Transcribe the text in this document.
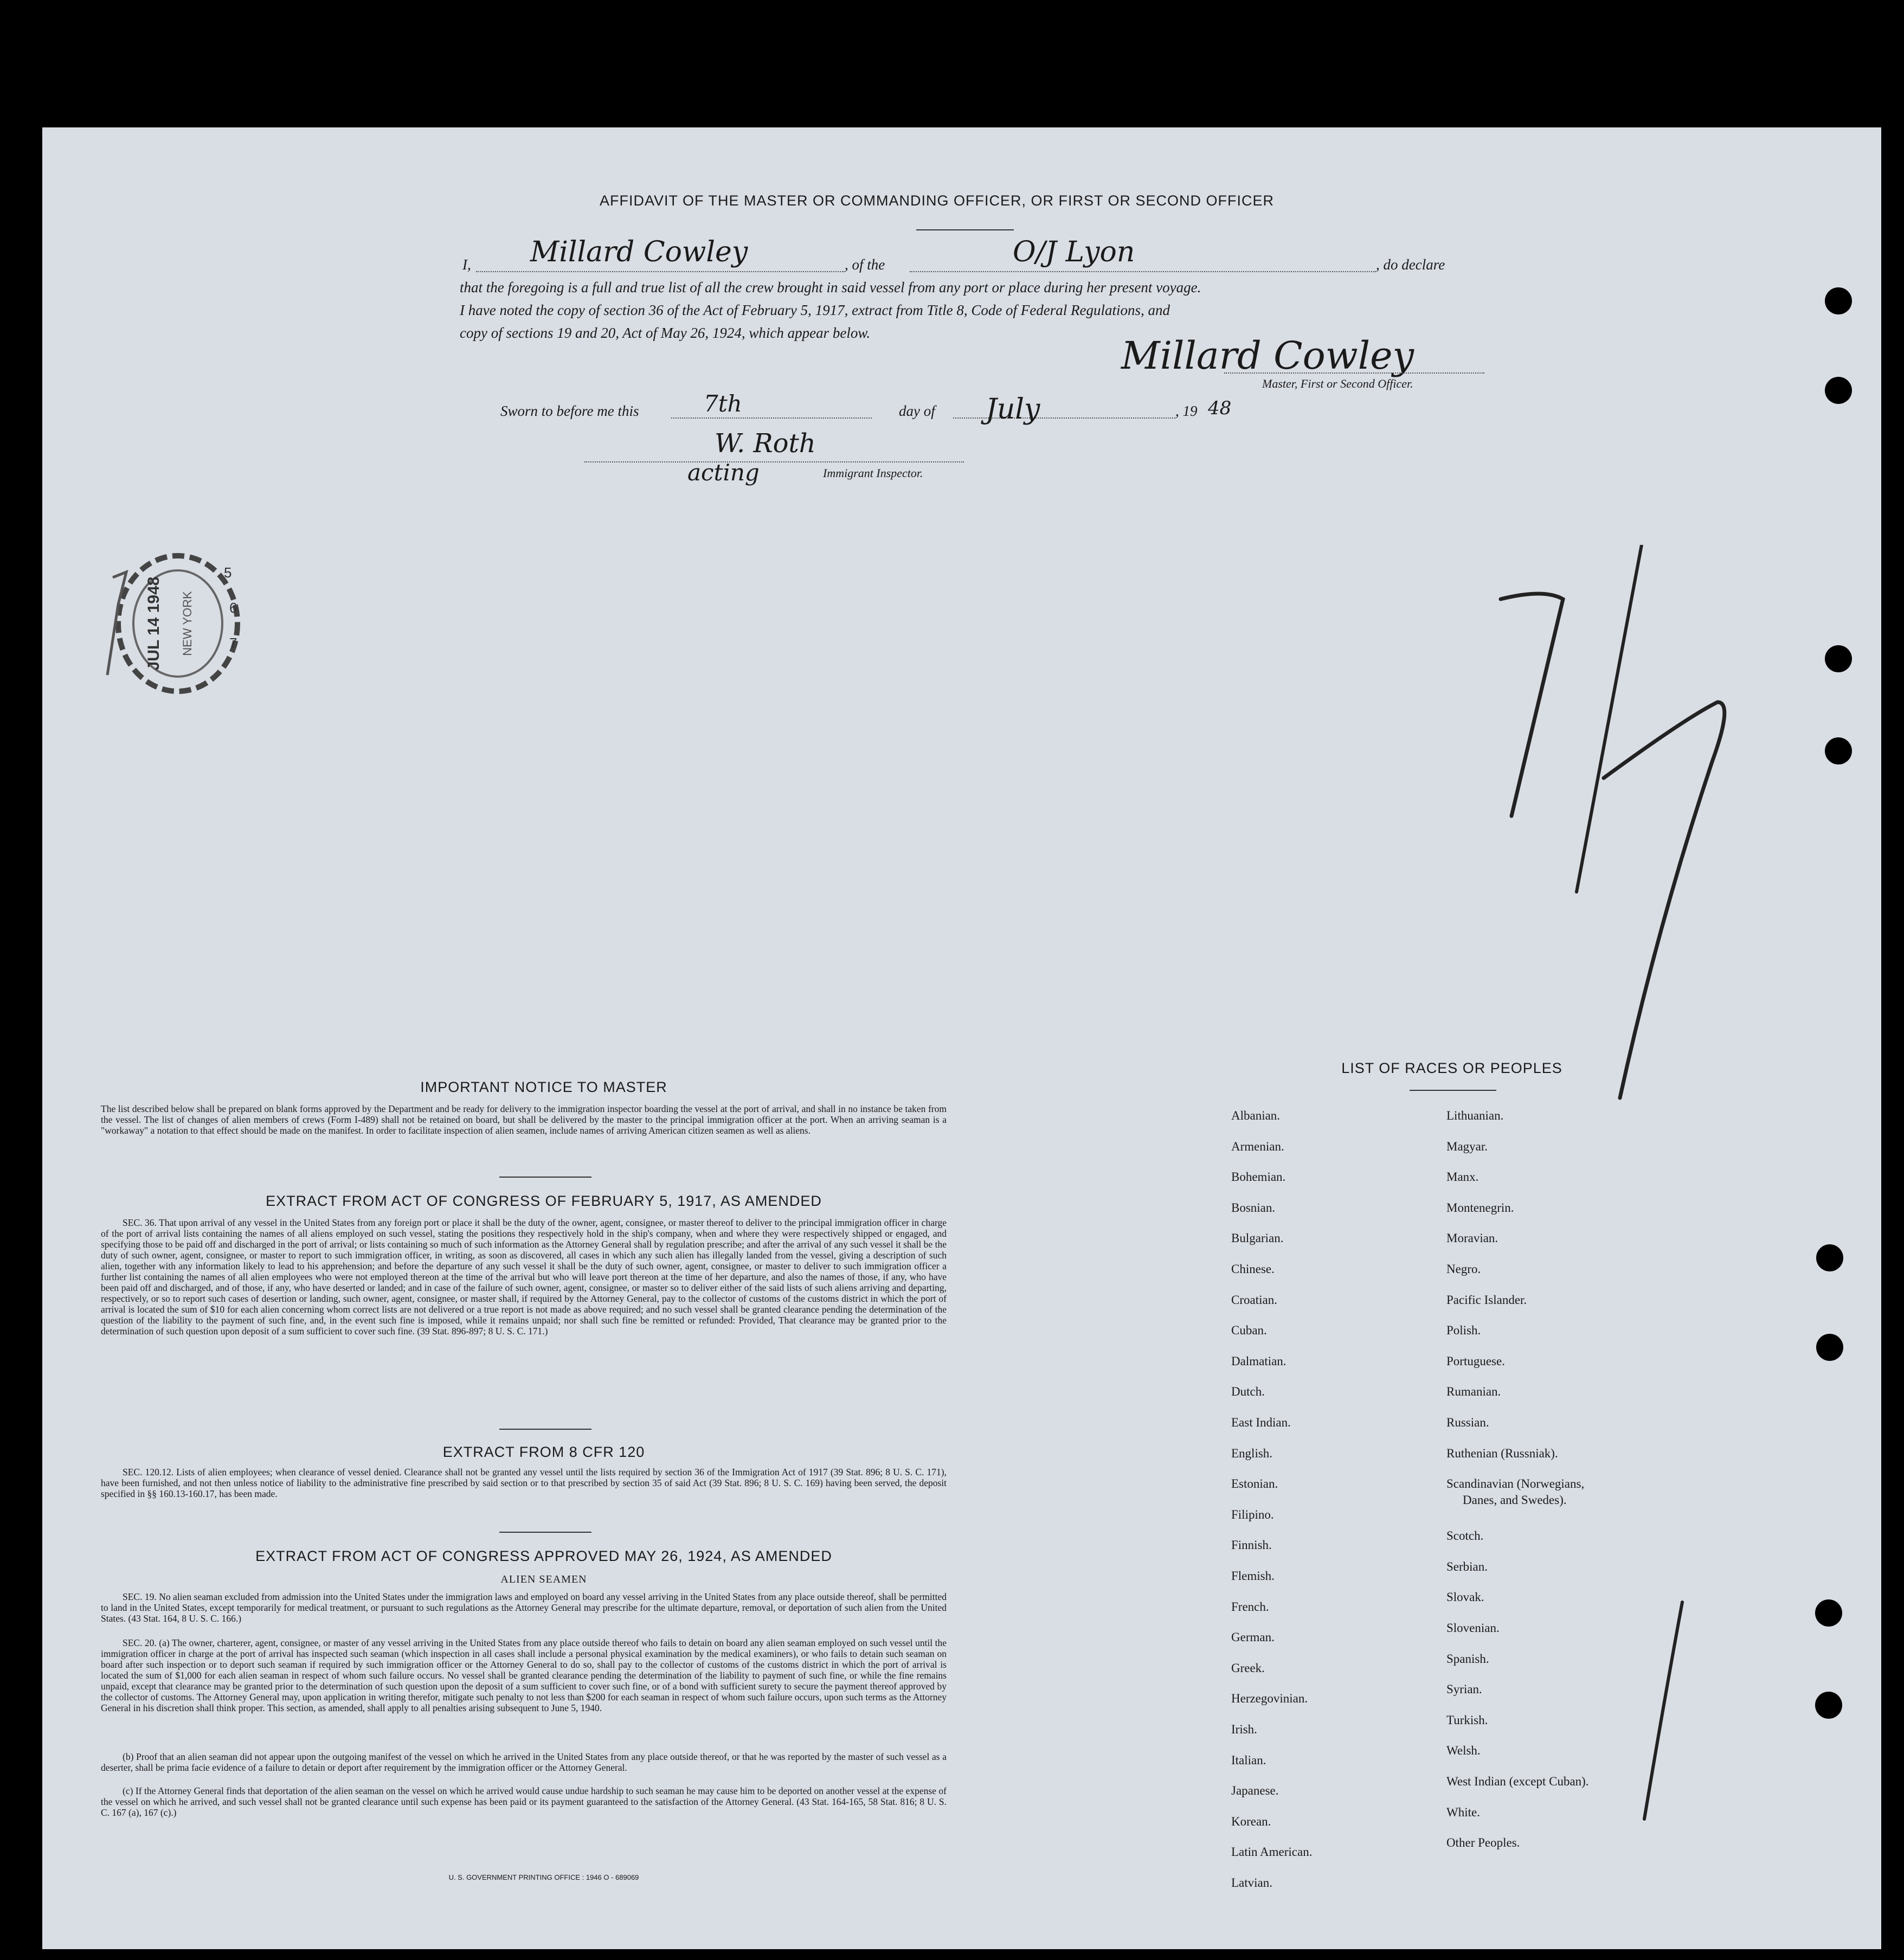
AFFIDAVIT OF THE MASTER OR COMMANDING OFFICER, OR FIRST OR SECOND OFFICER
I, Millard Cowley	, of the	O/J Lyon	, do declare
that the foregoing is a full and true list of all the crew brought in said vessel from any port or place during her present voyage.
I have noted the copy of section 36 of the Act of February 5, 1917, extract from Title 8, Code of Federal Regulations, and
copy of sections 19 and 20, Act of May 26, 1924, which appear below.
Millard Cowley
Master, First or Second Officer.
Sworn to before me this	7th	day of July	, 19 48
W. Roth
acting	Immigrant Inspector.
JUL 14 1948 NEW YORK
5
6
7
IMPORTANT NOTICE TO MASTER
The list described below shall be prepared on blank forms approved by the Department and be ready for delivery to the immigration inspector boarding the vessel at the port of arrival, and shall in no instance be taken from the vessel. The list of changes of alien members of crews (Form I-489) shall not be retained on board, but shall be delivered by the master to the principal immigration officer at the port. When an arriving seaman is a "workaway" a notation to that effect should be made on the manifest. In order to facilitate inspection of alien seamen, include names of arriving American citizen seamen as well as aliens.
EXTRACT FROM ACT OF CONGRESS OF FEBRUARY 5, 1917, AS AMENDED
SEC. 36. That upon arrival of any vessel in the United States from any foreign port or place it shall be the duty of the owner, agent, consignee, or master thereof to deliver to the principal immigration officer in charge of the port of arrival lists containing the names of all aliens employed on such vessel, stating the positions they respectively hold in the ship's company, when and where they were respectively shipped or engaged, and specifying those to be paid off and discharged in the port of arrival; or lists containing so much of such information as the Attorney General shall by regulation prescribe; and after the arrival of any such vessel it shall be the duty of such owner, agent, consignee, or master to report to such immigration officer, in writing, as soon as discovered, all cases in which any such alien has illegally landed from the vessel, giving a description of such alien, together with any information likely to lead to his apprehension; and before the departure of any such vessel it shall be the duty of such owner, agent, consignee, or master to deliver to such immigration officer a further list containing the names of all alien employees who were not employed thereon at the time of the arrival but who will leave port thereon at the time of her departure, and also the names of those, if any, who have been paid off and discharged, and of those, if any, who have deserted or landed; and in case of the failure of such owner, agent, consignee, or master so to deliver either of the said lists of such aliens arriving and departing, respectively, or so to report such cases of desertion or landing, such owner, agent, consignee, or master shall, if required by the Attorney General, pay to the collector of customs of the customs district in which the port of arrival is located the sum of $10 for each alien concerning whom correct lists are not delivered or a true report is not made as above required; and no such vessel shall be granted clearance pending the determination of the question of the liability to the payment of such fine, and, in the event such fine is imposed, while it remains unpaid; nor shall such fine be remitted or refunded: Provided, That clearance may be granted prior to the determination of such question upon deposit of a sum sufficient to cover such fine. (39 Stat. 896-897; 8 U. S. C. 171.)
EXTRACT FROM 8 CFR 120
SEC. 120.12. Lists of alien employees; when clearance of vessel denied. Clearance shall not be granted any vessel until the lists required by section 36 of the Immigration Act of 1917 (39 Stat. 896; 8 U. S. C. 171), have been furnished, and not then unless notice of liability to the administrative fine prescribed by said section or to that prescribed by section 35 of said Act (39 Stat. 896; 8 U. S. C. 169) having been served, the deposit specified in §§ 160.13-160.17, has been made.
EXTRACT FROM ACT OF CONGRESS APPROVED MAY 26, 1924, AS AMENDED
ALIEN SEAMEN
SEC. 19. No alien seaman excluded from admission into the United States under the immigration laws and employed on board any vessel arriving in the United States from any place outside thereof, shall be permitted to land in the United States, except temporarily for medical treatment, or pursuant to such regulations as the Attorney General may prescribe for the ultimate departure, removal, or deportation of such alien from the United States. (43 Stat. 164, 8 U. S. C. 166.)
SEC. 20. (a) The owner, charterer, agent, consignee, or master of any vessel arriving in the United States from any place outside thereof who fails to detain on board any alien seaman employed on such vessel until the immigration officer in charge at the port of arrival has inspected such seaman (which inspection in all cases shall include a personal physical examination by the medical examiners), or who fails to detain such seaman on board after such inspection or to deport such seaman if required by such immigration officer or the Attorney General to do so, shall pay to the collector of customs of the customs district in which the port of arrival is located the sum of $1,000 for each alien seaman in respect of whom such failure occurs. No vessel shall be granted clearance pending the determination of the liability to payment of such fine, or while the fine remains unpaid, except that clearance may be granted prior to the determination of such question upon the deposit of a sum sufficient to cover such fine, or of a bond with sufficient surety to secure the payment thereof approved by the collector of customs. The Attorney General may, upon application in writing therefor, mitigate such penalty to not less than $200 for each seaman in respect of whom such failure occurs, upon such terms as the Attorney General in his discretion shall think proper. This section, as amended, shall apply to all penalties arising subsequent to June 5, 1940.
(b) Proof that an alien seaman did not appear upon the outgoing manifest of the vessel on which he arrived in the United States from any place outside thereof, or that he was reported by the master of such vessel as a deserter, shall be prima facie evidence of a failure to detain or deport after requirement by the immigration officer or the Attorney General.
(c) If the Attorney General finds that deportation of the alien seaman on the vessel on which he arrived would cause undue hardship to such seaman he may cause him to be deported on another vessel at the expense of the vessel on which he arrived, and such vessel shall not be granted clearance until such expense has been paid or its payment guaranteed to the satisfaction of the Attorney General. (43 Stat. 164-165, 58 Stat. 816; 8 U. S. C. 167 (a), 167 (c).)
U. S. GOVERNMENT PRINTING OFFICE : 1946 O - 689069
LIST OF RACES OR PEOPLES
Albanian.
Armenian.
Bohemian.
Bosnian.
Bulgarian.
Chinese.
Croatian.
Cuban.
Dalmatian.
Dutch.
East Indian.
English.
Estonian.
Filipino.
Finnish.
Flemish.
French.
German.
Greek.
Herzegovinian.
Irish.
Italian.
Japanese.
Korean.
Latin American.
Latvian.
Lithuanian.
Magyar.
Manx.
Montenegrin.
Moravian.
Negro.
Pacific Islander.
Polish.
Portuguese.
Rumanian.
Russian.
Ruthenian (Russniak).
Scandinavian (Norwegians,
Danes, and Swedes).
Scotch.
Serbian.
Slovak.
Slovenian.
Spanish.
Syrian.
Turkish.
Welsh.
West Indian (except Cuban).
White.
Other Peoples.
